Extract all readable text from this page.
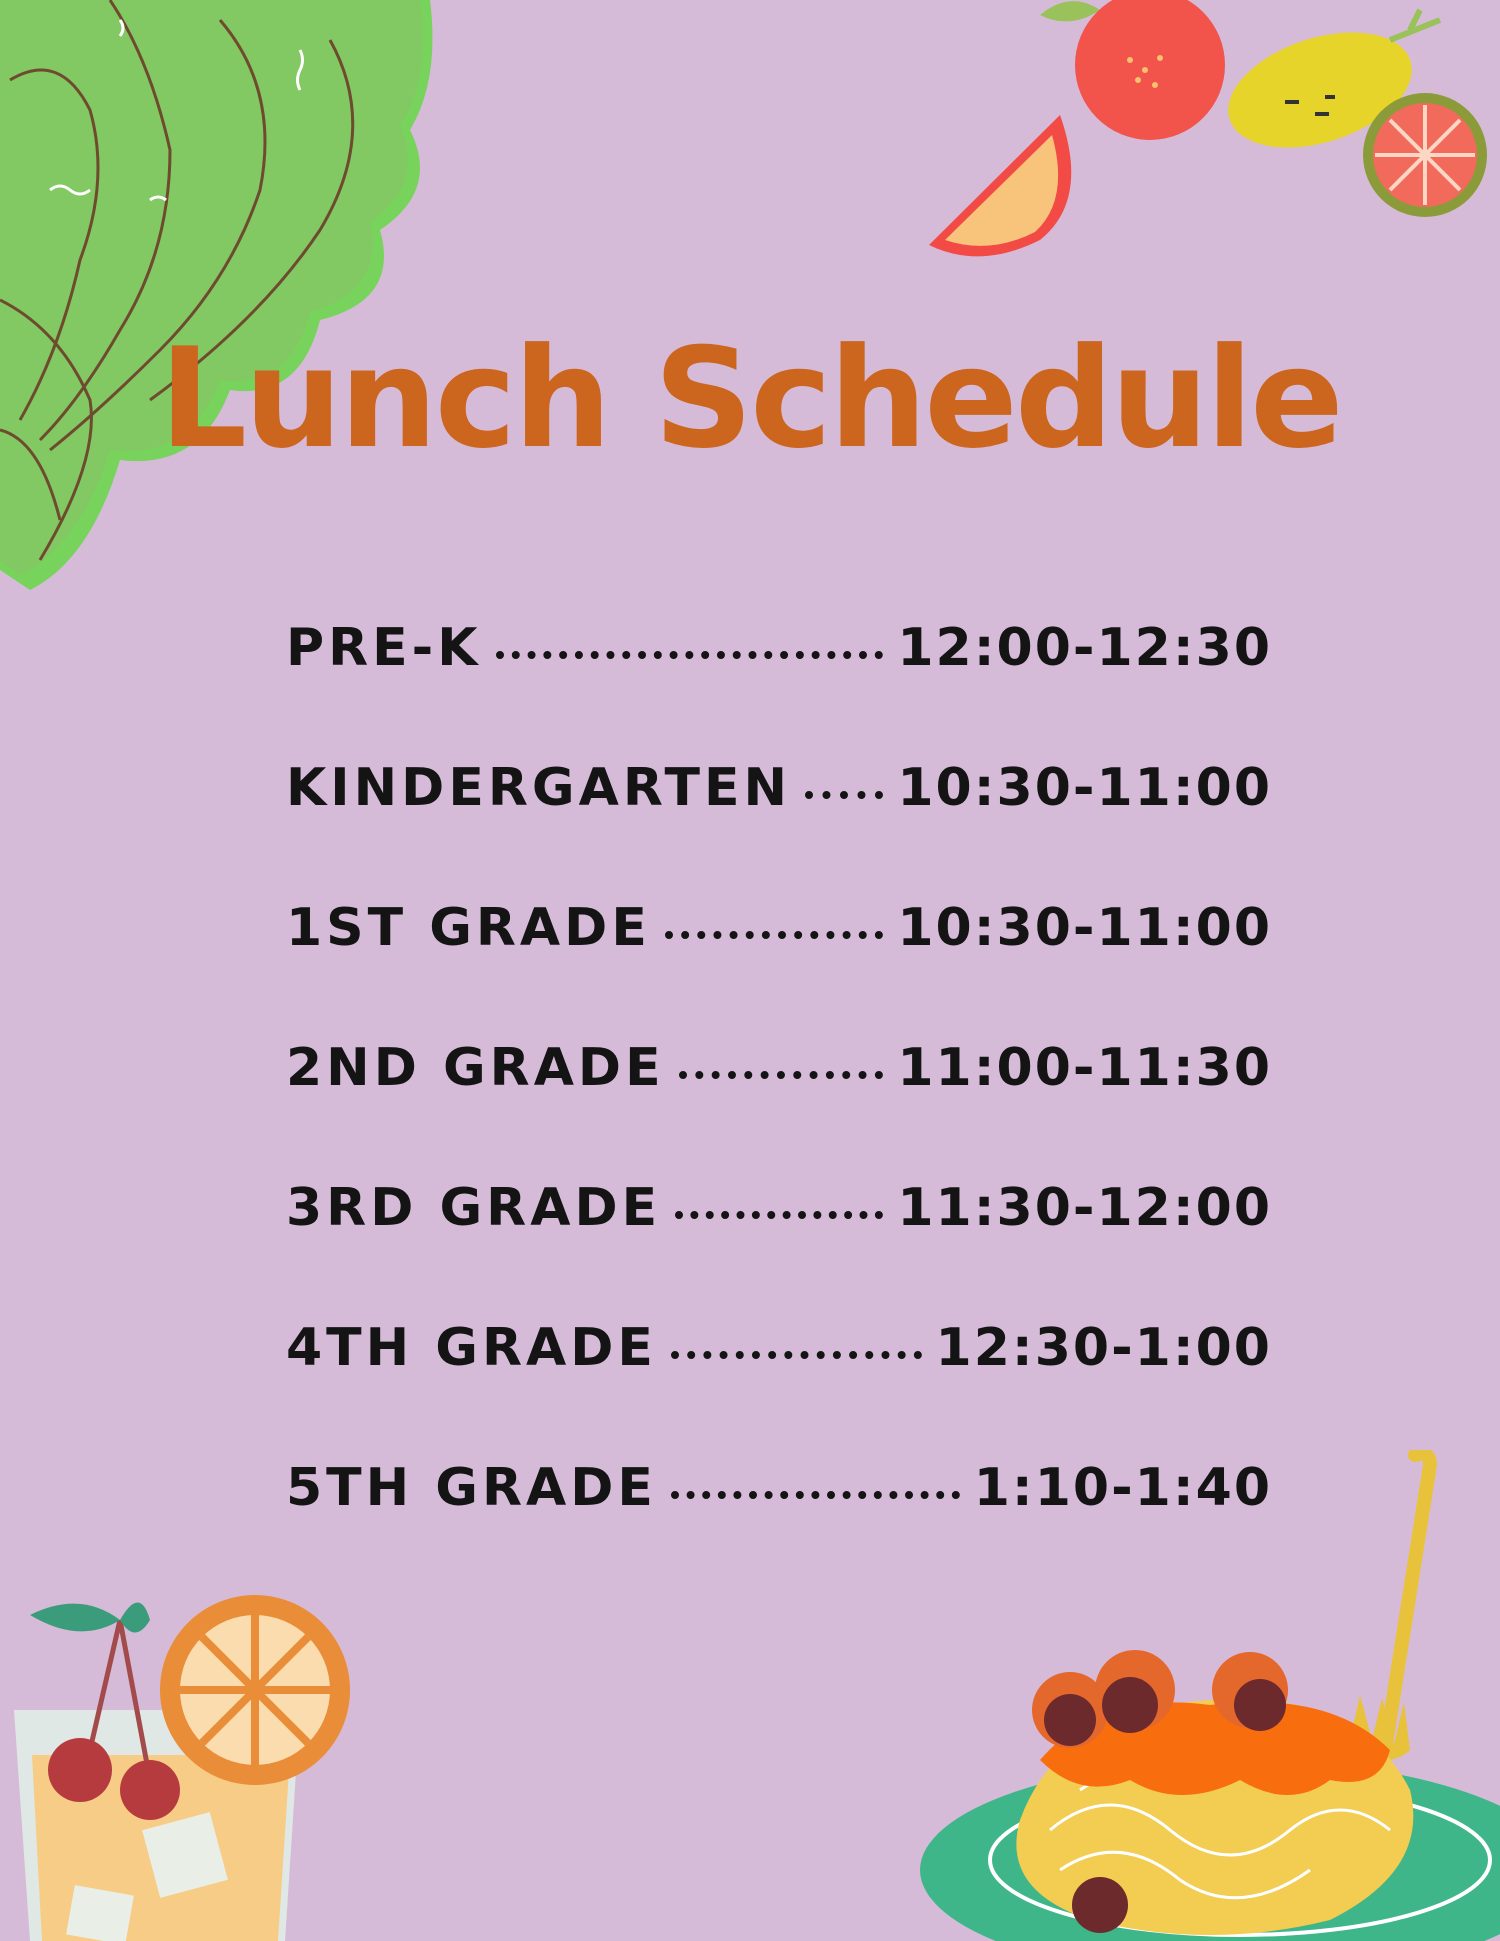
Lunch Schedule
PRE-K	12:00-12:30
KINDERGARTEN 10:30-11:00
1ST GRADE	10:30-11:00
2ND GRADE	11:00-11:30
3RD GRADE	11:30-12:00
4TH GRADE	12:30-1:00
5TH GRADE	1:10-1:40
